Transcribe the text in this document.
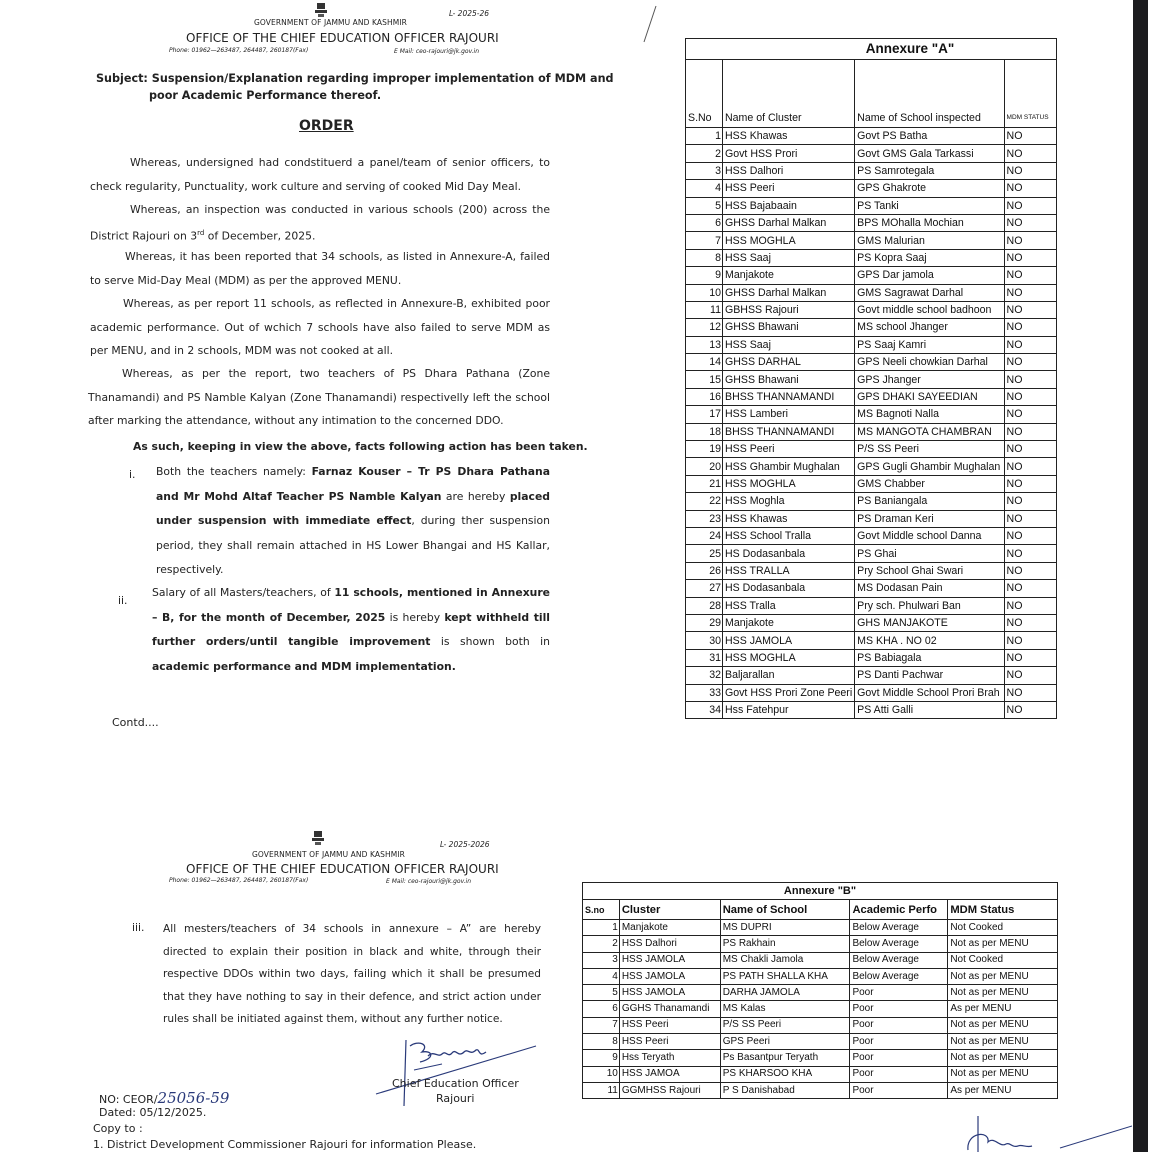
L- 2025-26
GOVERNMENT OF JAMMU AND KASHMIR
OFFICE OF THE CHIEF EDUCATION OFFICER RAJOURI
Phone: 01962—263487, 264487, 260187(Fax)	E Mail: ceo-rajouri@jk.gov.in
Subject: Suspension/Explanation regarding improper implementation of MDM and
poor Academic Performance thereof.
ORDER
Whereas, undersigned had condstituerd a panel/team of senior officers, to check regularity, Punctuality, work culture and serving of cooked Mid Day Meal.
Whereas, an inspection was conducted in various schools (200) across the District Rajouri on 3rd of December, 2025.
Whereas, it has been reported that 34 schools, as listed in Annexure-A, failed to serve Mid-Day Meal (MDM) as per the approved MENU.
Whereas, as per report 11 schools, as reflected in Annexure-B, exhibited poor academic performance. Out of wchich 7 schools have also failed to serve MDM as per MENU, and in 2 schools, MDM was not cooked at all.
Whereas, as per the report, two teachers of PS Dhara Pathana (Zone Thanamandi) and PS Namble Kalyan (Zone Thanamandi) respectivelly left the school after marking the attendance, without any intimation to the concerned DDO.
As such, keeping in view the above, facts following action has been taken.
i. Both the teachers namely: Farnaz Kouser – Tr PS Dhara Pathana and Mr Mohd Altaf Teacher PS Namble Kalyan are hereby placed under suspension with immediate effect, during ther suspension period, they shall remain attached in HS Lower Bhangai and HS Kallar, respectively.
ii.
Salary of all Masters/teachers, of 11 schools, mentioned in Annexure – B, for the month of December, 2025 is hereby kept withheld till further orders/until tangible improvement is shown both in academic performance and MDM implementation.
Contd....
Annexure "A"			
S.No	Name of Cluster	Name of School inspected	MDM STATUS
1	HSS Khawas	Govt PS Batha	NO
2	Govt HSS Prori	Govt GMS Gala Tarkassi	NO
3	HSS Dalhori	PS Samrotegala	NO
4	HSS Peeri	GPS Ghakrote	NO
5	HSS Bajabaain	PS Tanki	NO
6	GHSS Darhal Malkan	BPS MOhalla Mochian	NO
7	HSS MOGHLA	GMS Malurian	NO
8	HSS Saaj	PS Kopra Saaj	NO
9	Manjakote	GPS Dar jamola	NO
10	GHSS Darhal Malkan	GMS Sagrawat Darhal	NO
11	GBHSS Rajouri	Govt middle school badhoon	NO
12	GHSS Bhawani	MS school Jhanger	NO
13	HSS Saaj	PS Saaj Kamri	NO
14	GHSS DARHAL	GPS Neeli chowkian Darhal	NO
15	GHSS Bhawani	GPS Jhanger	NO
16	BHSS THANNAMANDI	GPS DHAKI SAYEEDIAN	NO
17	HSS Lamberi	MS Bagnoti Nalla	NO
18	BHSS THANNAMANDI	MS MANGOTA CHAMBRAN	NO
19	HSS Peeri	P/S SS Peeri	NO
20	HSS Ghambir Mughalan	GPS Gugli Ghambir Mughalan	NO
21	HSS MOGHLA	GMS Chabber	NO
22	HSS Moghla	PS Baniangala	NO
23	HSS Khawas	PS Draman Keri	NO
24	HSS School Tralla	Govt Middle school Danna	NO
25	HS Dodasanbala	PS Ghai	NO
26	HSS TRALLA	Pry School Ghai Swari	NO
27	HS Dodasanbala	MS Dodasan Pain	NO
28	HSS Tralla	Pry sch. Phulwari Ban	NO
29	Manjakote	GHS MANJAKOTE	NO
30	HSS JAMOLA	MS KHA . NO 02	NO
31	HSS MOGHLA	PS Babiagala	NO
32	Baljarallan	PS Danti Pachwar	NO
33	Govt HSS Prori Zone Peeri	Govt Middle School Prori Brah	NO
34	Hss Fatehpur	PS Atti Galli	NO
L- 2025-2026
GOVERNMENT OF JAMMU AND KASHMIR
OFFICE OF THE CHIEF EDUCATION OFFICER RAJOURI
Phone: 01962—263487, 264487, 260187(Fax)	E Mail: ceo-rajouri@jk.gov.in
iii. All mesters/teachers of 34 schools in annexure – A” are hereby directed to explain their position in black and white, through their respective DDOs within two days, failing which it shall be presumed that they have nothing to say in their defence, and strict action under rules shall be initiated against them, without any further notice.
Chief Education Officer
Rajouri
NO: CEOR/25056-59
Dated: 05/12/2025.
Copy to :
1. District Development Commissioner Rajouri for information Please.
Annexure "B"				
S.no	Cluster	Name of School	Academic Perfo	MDM Status
1	Manjakote	MS DUPRI	Below Average	Not Cooked
2	HSS Dalhori	PS Rakhain	Below Average	Not as per MENU
3	HSS JAMOLA	MS Chakli Jamola	Below Average	Not Cooked
4	HSS JAMOLA	PS PATH SHALLA KHA	Below Average	Not as per MENU
5	HSS JAMOLA	DARHA JAMOLA	Poor	Not as per MENU
6	GGHS Thanamandi	MS Kalas	Poor	As per MENU
7	HSS Peeri	P/S SS Peeri	Poor	Not as per MENU
8	HSS Peeri	GPS Peeri	Poor	Not as per MENU
9	Hss Teryath	Ps Basantpur Teryath	Poor	Not as per MENU
10	HSS JAMOA	PS KHARSOO KHA	Poor	Not as per MENU
11	GGMHSS Rajouri	P S Danishabad	Poor	As per MENU
